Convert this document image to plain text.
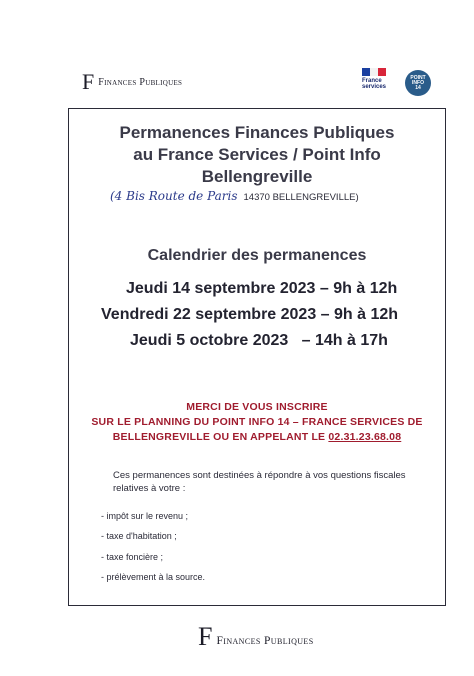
F Finances Publiques	France services
POINT
INFO
14
Permanences Finances Publiques
au France Services / Point Info
Bellengreville
(4 Bis Route de Paris 14370 BELLENGREVILLE)
Calendrier des permanences
Jeudi 14 septembre 2023 – 9h à 12h
Vendredi 22 septembre 2023 – 9h à 12h
Jeudi 5 octobre 2023   – 14h à 17h
MERCI DE VOUS INSCRIRE
SUR LE PLANNING DU POINT INFO 14 – FRANCE SERVICES DE
BELLENGREVILLE OU EN APPELANT LE 02.31.23.68.08
Ces permanences sont destinées à répondre à vos questions fiscales
relatives à votre :
- impôt sur le revenu ;
- taxe d'habitation ;
- taxe foncière ;
- prélèvement à la source.
F Finances Publiques
